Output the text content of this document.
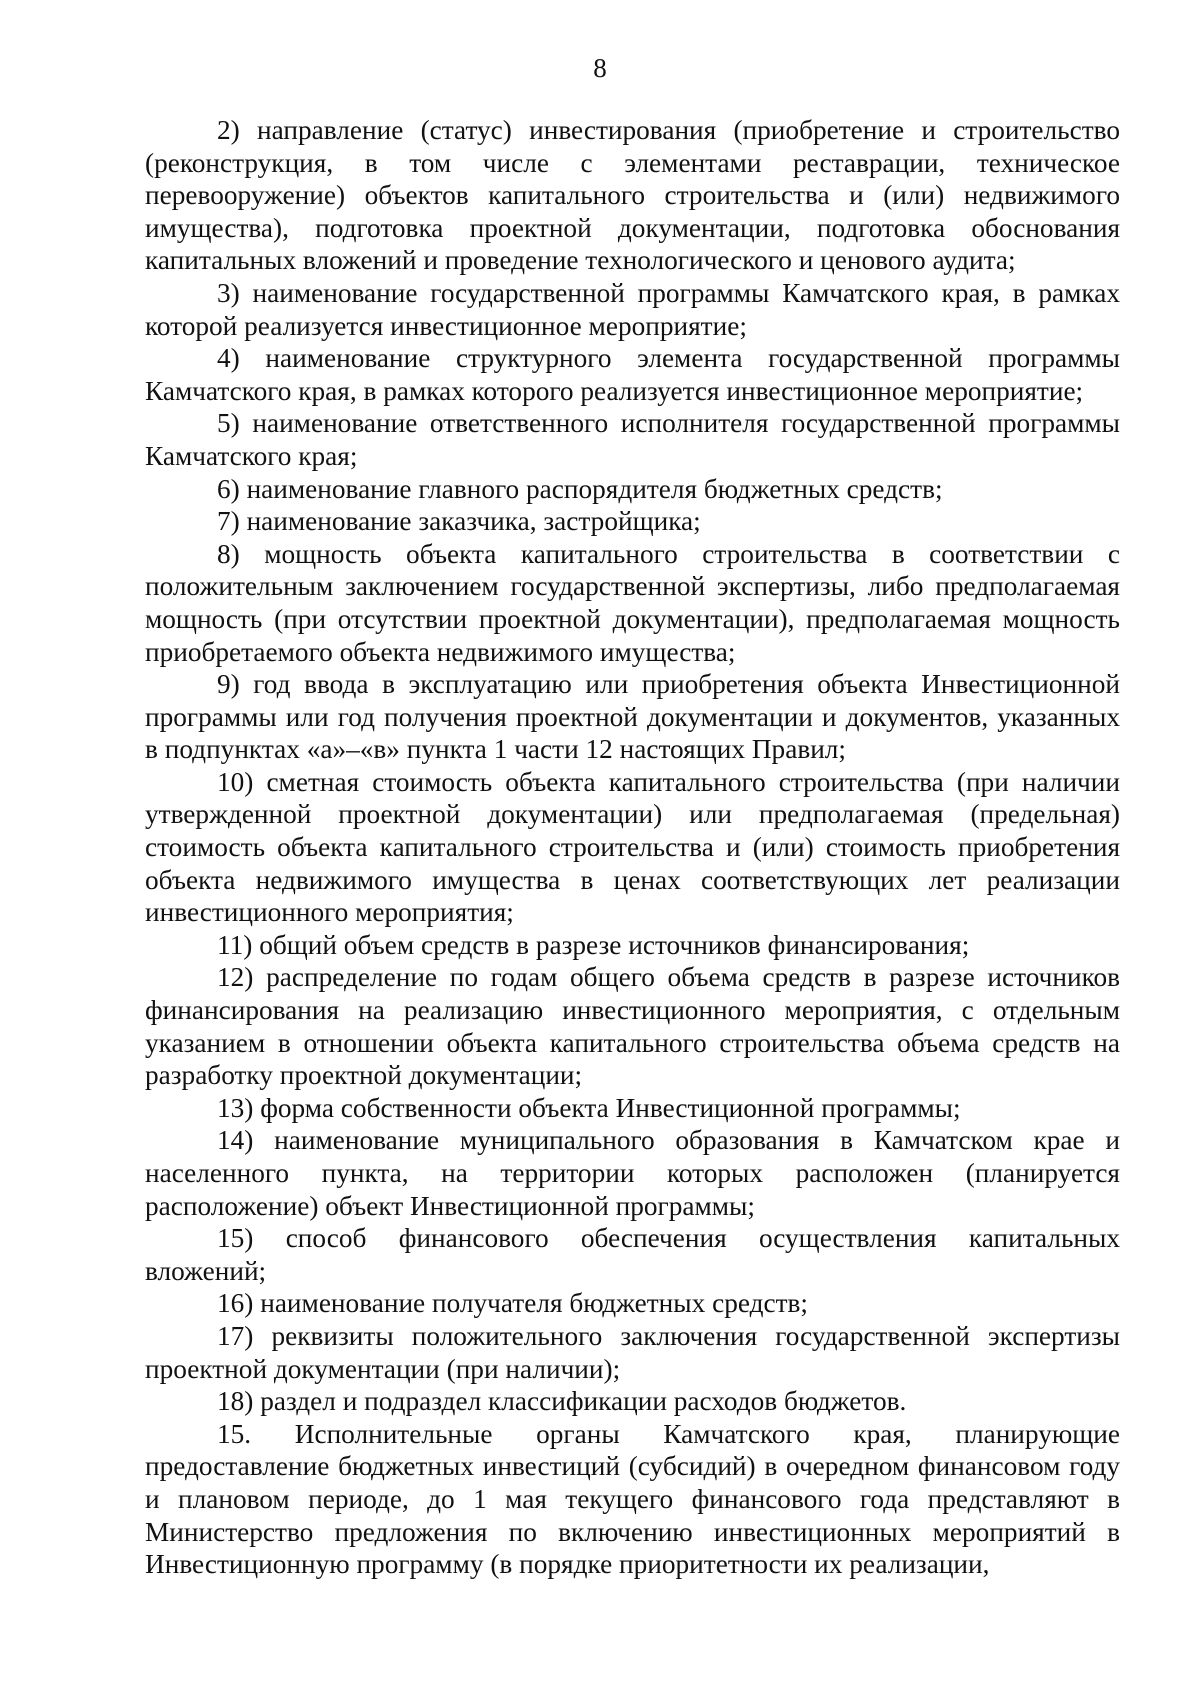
8

2) направление (статус) инвестирования (приобретение и строительство (реконструкция, в том числе с элементами реставрации, техническое перевооружение) объектов капитального строительства и (или) недвижимого имущества), подготовка проектной документации, подготовка обоснования капитальных вложений и проведение технологического и ценового аудита;

3) наименование государственной программы Камчатского края, в рамках которой реализуется инвестиционное мероприятие;

4) наименование структурного элемента государственной программы Камчатского края, в рамках которого реализуется инвестиционное мероприятие;

5) наименование ответственного исполнителя государственной программы Камчатского края;

6) наименование главного распорядителя бюджетных средств;

7) наименование заказчика, застройщика;

8) мощность объекта капитального строительства в соответствии с положительным заключением государственной экспертизы, либо предполагаемая мощность (при отсутствии проектной документации), предполагаемая мощность приобретаемого объекта недвижимого имущества;

9) год ввода в эксплуатацию или приобретения объекта Инвестиционной программы или год получения проектной документации и документов, указанных в подпунктах «а»–«в» пункта 1 части 12 настоящих Правил;

10) сметная стоимость объекта капитального строительства (при наличии утвержденной проектной документации) или предполагаемая (предельная) стоимость объекта капитального строительства и (или) стоимость приобретения объекта недвижимого имущества в ценах соответствующих лет реализации инвестиционного мероприятия;

11) общий объем средств в разрезе источников финансирования;

12) распределение по годам общего объема средств в разрезе источников финансирования на реализацию инвестиционного мероприятия, с отдельным указанием в отношении объекта капитального строительства объема средств на разработку проектной документации;

13) форма собственности объекта Инвестиционной программы;

14) наименование муниципального образования в Камчатском крае и населенного пункта, на территории которых расположен (планируется расположение) объект Инвестиционной программы;

15) способ финансового обеспечения осуществления капитальных вложений;

16) наименование получателя бюджетных средств;

17) реквизиты положительного заключения государственной экспертизы проектной документации (при наличии);

18) раздел и подраздел классификации расходов бюджетов.

15. Исполнительные органы Камчатского края, планирующие предоставление бюджетных инвестиций (субсидий) в очередном финансовом году и плановом периоде, до 1 мая текущего финансового года представляют в Министерство предложения по включению инвестиционных мероприятий в Инвестиционную программу (в порядке приоритетности их реализации,
